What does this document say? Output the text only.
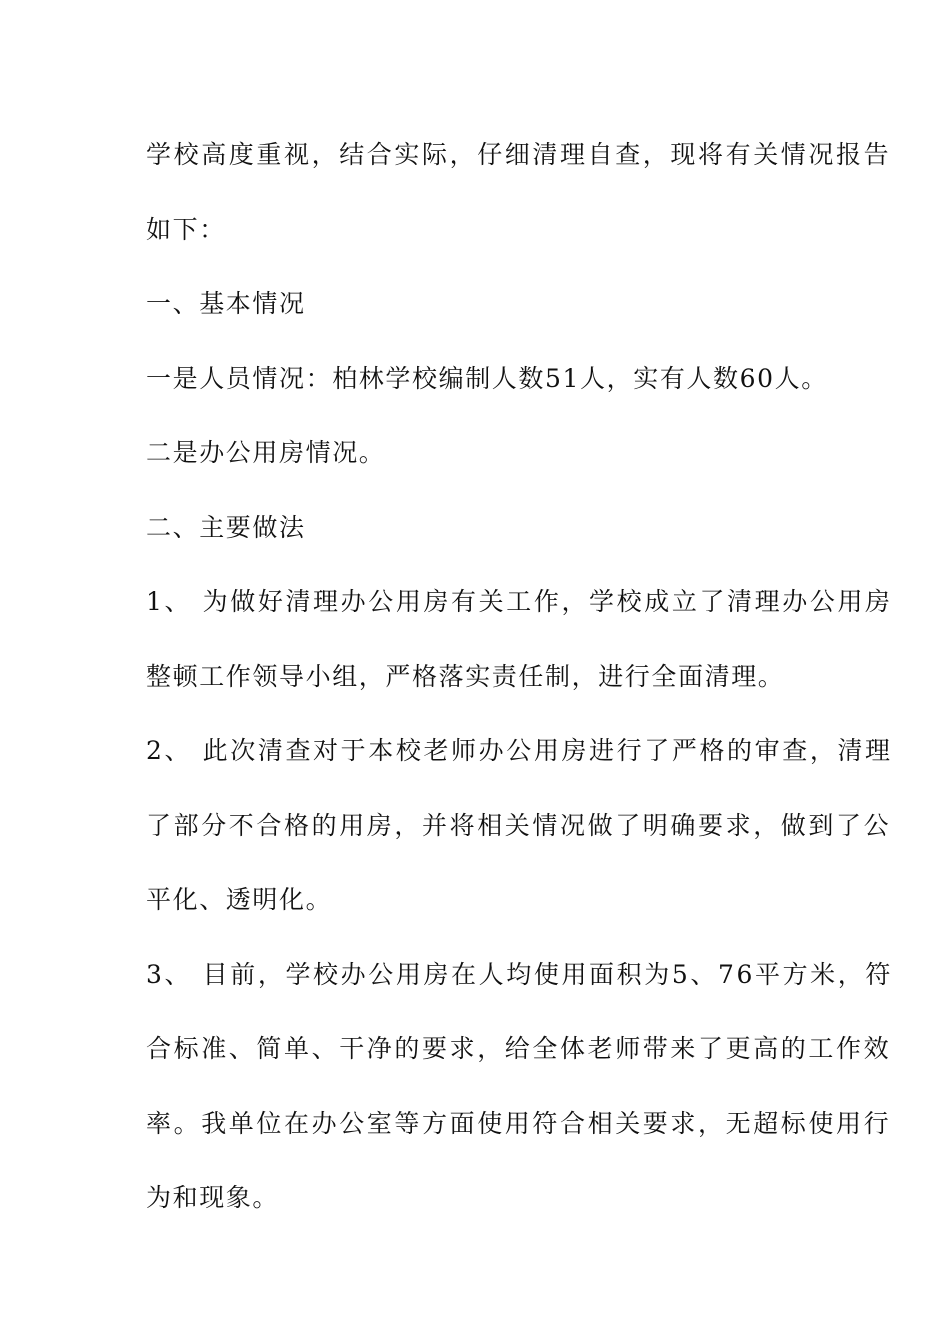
学校高度重视，结合实际，仔细清理自查，现将有关情况报告
如下：
一、基本情况
一是人员情况：柏林学校编制人数51人，实有人数60人。
二是办公用房情况。
二、主要做法
1、 为做好清理办公用房有关工作，学校成立了清理办公用房
整顿工作领导小组，严格落实责任制，进行全面清理。
2、 此次清查对于本校老师办公用房进行了严格的审查，清理
了部分不合格的用房，并将相关情况做了明确要求，做到了公
平化、透明化。
3、 目前，学校办公用房在人均使用面积为5、76平方米，符
合标准、简单、干净的要求，给全体老师带来了更高的工作效
率。我单位在办公室等方面使用符合相关要求，无超标使用行
为和现象。
